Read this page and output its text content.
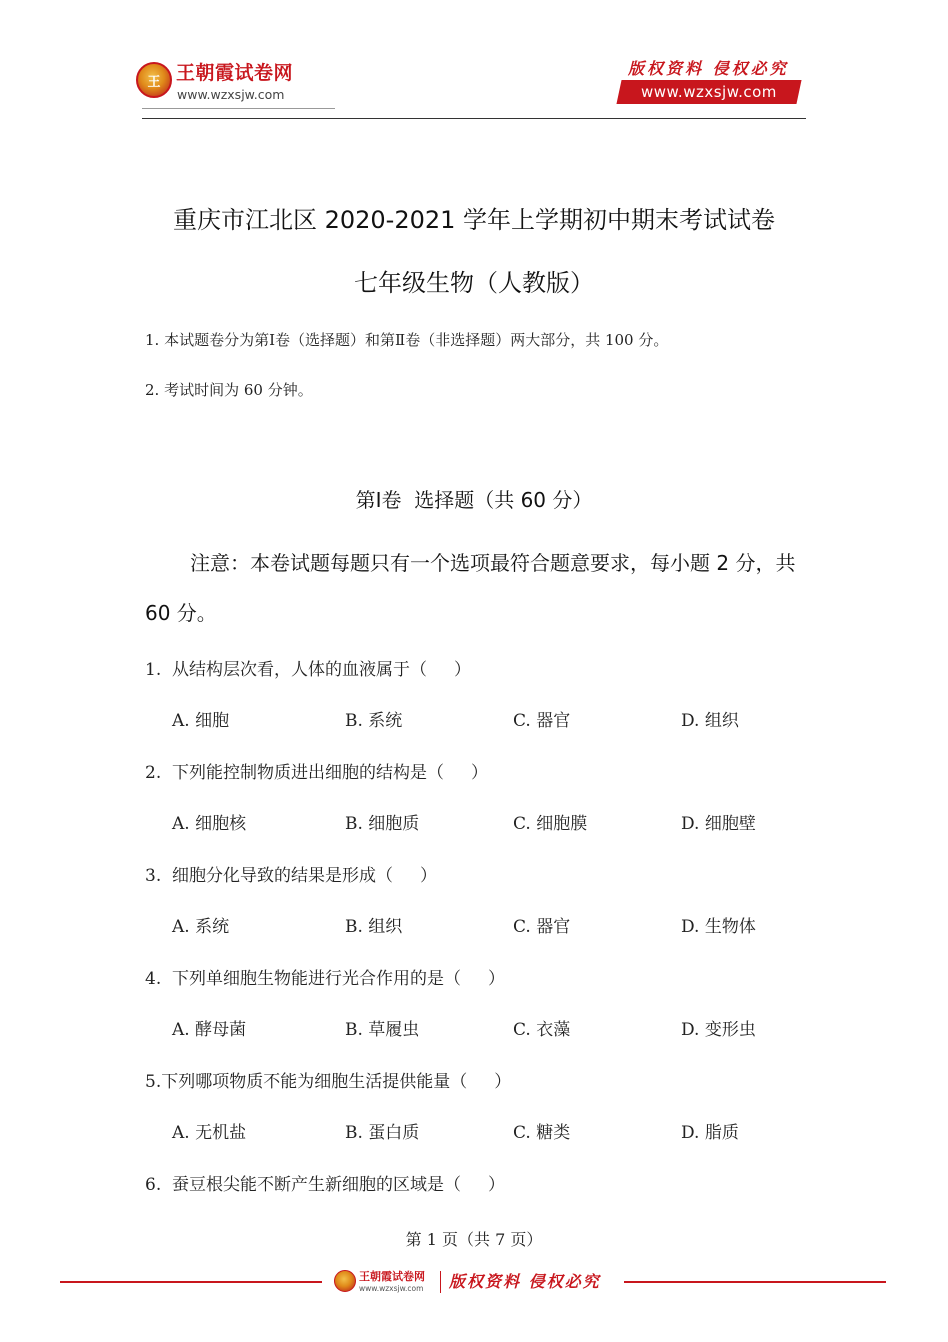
王 王朝霞试卷网
www.wzxsjw.com
版权资料 侵权必究
www.wzxsjw.com
重庆市江北区 2020-2021 学年上学期初中期末考试试卷
七年级生物（人教版）
1. 本试题卷分为第Ⅰ卷（选择题）和第Ⅱ卷（非选择题）两大部分，共 100 分。
2. 考试时间为 60 分钟。
第Ⅰ卷  选择题（共 60 分）
注意：本卷试题每题只有一个选项最符合题意要求，每小题 2 分，共 60 分。
1.  从结构层次看，人体的血液属于（     ）
A. 细胞	B. 系统	C. 器官	D. 组织
2.  下列能控制物质进出细胞的结构是（     ）
A. 细胞核	B. 细胞质	C. 细胞膜	D. 细胞壁
3.  细胞分化导致的结果是形成（     ）
A. 系统	B. 组织	C. 器官	D. 生物体
4.  下列单细胞生物能进行光合作用的是（     ）
A. 酵母菌	B. 草履虫	C. 衣藻	D. 变形虫
5.下列哪项物质不能为细胞生活提供能量（     ）
A. 无机盐	B. 蛋白质	C. 糖类	D. 脂质
6.  蚕豆根尖能不断产生新细胞的区域是（     ）
第 1 页（共 7 页）
王朝霞试卷网
www.wzxsjw.com 版权资料 侵权必究
